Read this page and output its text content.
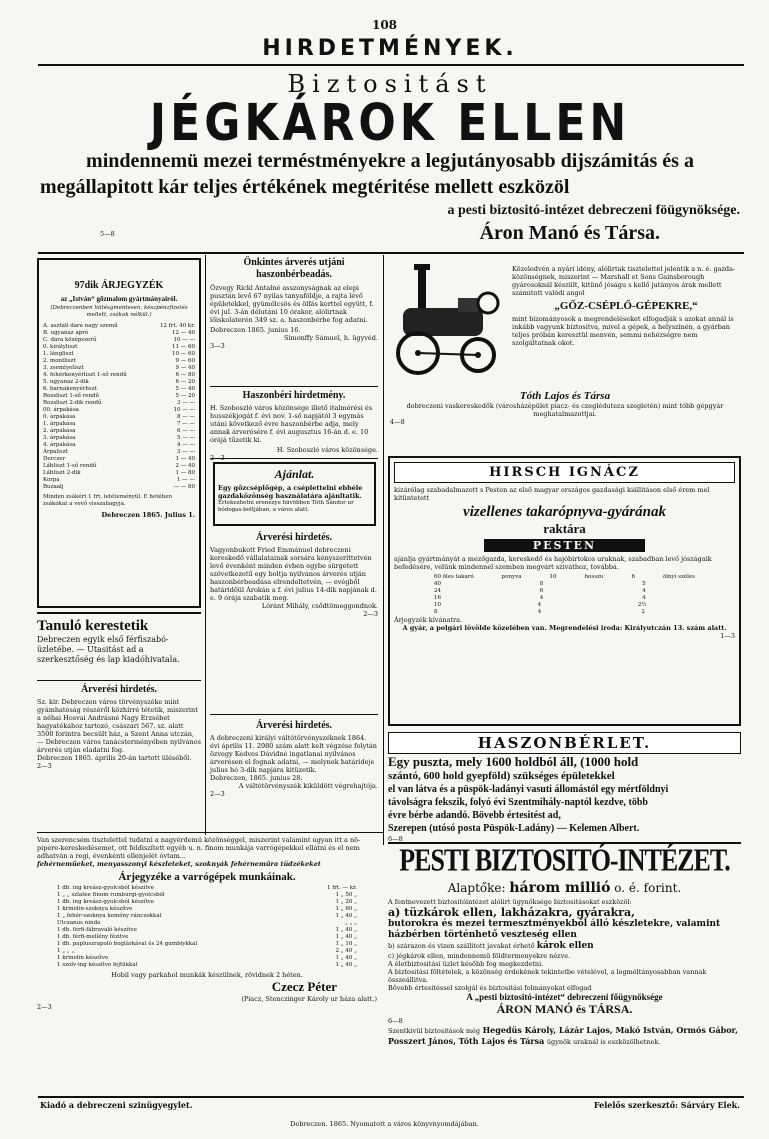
108
HIRDETMÉNYEK.
Biztositást
JÉGKÁROK ELLEN
mindennemü mezei terméstményekre a legjutányosabb dijszámitás és a
megállapitott kár teljes értékének megtéritése mellett eszközöl
a pesti biztositó-intézet debreczeni föügynöksége.
Áron Manó és Társa.
5—8
97dik ÁRJEGYZÉK
az „István“ gőzmalom gyártmányairól.
(Debreczenben hütésgmentesen, készpénzfizetés mellett, zsákok nélkül.)
A. asztali dara nagy szemű	12 frt. 40 kr.
B. ugyanaz apró	12 — 40
C. dara középszerű	10 — —
0. királyliszt	11 — 60
1. lángliszt	10 — 60
2. montliszt	9 — 60
3. zsemlyeliszt	9 — 40
4. fehérkenyérliszt 1-ső rendű	6 — 80
5. ugyanaz 2-dik	6 — 20
6. barnakenyérliszt	5 — 40
Rozsliszt 1-ső rendű	5 — 20
Rozsliszt 2-dik rendű	3 — —
00. árpakása	10 — —
0. árpakása	8 — —
1. árpakása	7 — —
2. árpakása	6 — —
3. árpakása	5 — —
4. árpakása	4 — —
Árpaliszt	3 — —
Derczer	1 — 40
Lábliszt 1-ső rendű	2 — 40
Lábliszt 2-dik	1 — 80
Korpa	1 — —
Buzaalj	— — 80
Minden zsákért 1 frt. letéteményül. E hetében zsákokat a vevő visszahagyja.
Debreczen 1865. Julius 1.
Önkintes árverés utjáni haszonbérbeadás.
Özvegy Rickl Antalné asszonyságnak az elepi pusztán levő 67 nyilas tanyaföldje, a rajta lévő épületekkel, gyümölcsös és ölfás kerttel együtt, f. évi jul. 3-án délutáni 10 órakor, alólirtnak lőiskolaterén 349 sz. a. haszonbérbe fog adatni.
Debreczen 1865. junius 16.
Simonffy Sámuel, h. ügyvéd.
3—3
Haszonbéri hirdetmény.
H. Szoboszló város közönsége illető italmérési és husszékjogát f. évi nov. 1-ső napjától 3 egymás utáni következő évre haszonbérbe adja, mely annak árverésére f. évi augusztus 16-án d. e. 10 órájá tűzetik ki.
H. Szoboszló város közönsége.
2—3
Ajánlat.
Egy gőzcséplőgép, a cséplettelni ebbéle gazdaközönség használatára ajánltatik.
Értekezhetni erenezye hüvöbben Tóth Sándor ur bódogas-boltjában, a város alatt.
Árverési hirdetés.
Vagyonbukott Fried Emmánuel debreczeni kereskedő vállalatainak sorsára kényszeríttetvén levő évenként minden évben egybe sürgetett szövetkezetű egy boltja nyilvános árverés utján haszonbérbeadása elrendeltetvén, — evégből határidőül Árokán a f. évi julius 14-dik napjának d. e. 9 órája szabatik meg.
Lóránt Mihály, csődtömeggondnok.
2—3
Árverési hirdetés.
A debreczeni királyi váltótörvényszéknek 1864. évi április 11. 2980 szám alatt kelt végzése folytán özvegy Kedves Dávidné ingatlanai nyilvános árverésen el fognak adatni, — melynek határideje julius hó 3-dik napjára kitüzetik.
Debreczen, 1865. junius 28.
A váltótörvényszék kiküldött végrehajtója.
2—3
Tanuló kerestetik
Debreczen egyik első férfiszabó-üzletébe. — Utasitást ad a szerkesztőség és lap kiadóhivatala.
Árverési hirdetés.
Sz. kir. Debreczen város törvényszéke mint gyámhatóság részéről közhírré tétetik, miszerint a néhai Hosvai Andrásné Nagy Erzsébet hagyatékához tartozó, császári 567. sz. alatt 3500 forintra becsült ház, a Szent Anna utczán, — Debreczen város tanácsterményében nyilvános árverés utján eladatni fog.
Debreczen 1865. április 20-án tartott üléséből.
2—3
Közeledvén a nyári idény, alólirtak tisztelettel jelentik a n. é. gazda-közönségnek, miszerint — Marshall et Sons Gainsborough gyárosoknál készült, kitünő jóságu s kellő jutányos árak mellett számitott valódi angol
„GŐZ-CSÉPLŐ-GÉPEKRE,“
mint bizományosok a megrendeléseket elfogadják s azokat annál is inkább vagyunk biztositva, mivel a gépek, a helyszinén, a gyárban teljes próbán keresztül menvén, semmi nehézségre nem szolgáltatnak okot.
Tóth Lajos és Társa
debreczeni vaskereskedők (városházépület piacz- és czegléduteza szegletén) mint tóbb gépgyár meghatalmazottjai.
4—8
HIRSCH IGNÁCZ
kizárólag szabadalmazott s Pesten az első magyar országos gazdasági kiállitáson első érem mel kitüntetett
vizellenes takarópnyva-gyárának
raktára
PESTEN
ajánlja gyártmányát a mezőgazda, kereskedő és hajóbirtokos uraknak, szabadban levő jószágaik befedésére, velünk mindennel szemben megvárt sziváthoz, továbbá.
60 öles takaró	ponyva	10	hosszu	6	ölnyi széles
40	8	5
24	6	4
16	4	4
10	4	2½
8	4	2
Árjegyzék kívánatra.
A gyár, a polgári lövölde közelében van. Megrendelési iroda: Királyutczán 13. szám alatt.
1—3
HASZONBÉRLET.
Egy puszta, mely 1600 holdból áll, (1000 hold
szántó, 600 hold gyepföld) szükséges épületekkel
el van látva és a püspök-ladányi vasuti állomástól egy mértföldnyi
távolságra fekszik, folyó évi Szentmihály-naptól kezdve, több
évre bérbe adandó. Bövebb értesitést ad,
Szerepen (utósó posta Püspök-Ladány) — Kelemen Albert.
6—8
PESTI BIZTOSITÓ-INTÉZET.
Alaptőke: három millió o. é. forint.
A fentnevezett biztositóintézet alólirt ügynöksége biztositásokat eszközöl:
a) tüzkárok ellen, lakházakra, gyárakra,
butorokra és mezei termesztményekből álló készletekre, valamint házbérben történhető veszteség ellen
b) szárazon és vizen szállitott javakat érhető károk ellen
c) jégkárok ellen, mindennemü földtermenyekre nézve.
A életbiztositási üzlet később fog megkezdetni.
A biztositási föltételek, a közönség érdekének tekintetbe vételével, a legméltányosabban vannak összeállitva.
Bővebb értesitéssel szolgál és biztositási folmányokat elfogad
A „pesti biztositó-intézet“ debreczeni főügynöksége
ÁRON MANÓ és TÁRSA.
6—8
Szentkivül biztositások még Hegedüs Károly, Lázár Lajos, Makó István, Ormós Gábor, Posszert János, Tóth Lajos és Társa ügynök uraknál is eszközölhetnek.
Van szerencsém tisztelettel tudatni a nagyérdemü közönséggel, miszerint valamint ugyan itt a nö-pipere-kereskedésemet, ott feldiszített egyéb u. n. finom munkája varrógépekkel ellátni és el nem adhatván a regi, évenkénti ellenjelét óvtam...
fehérneműeket, menyasszonyi készleteket, szoknyák fehérneműra tüdzékeket
Árjegyzéke a varrógépek munkáinak.
1 db. ing kreász-gyolcsból készítve	1 frt. — kr.
1 „ „ szlatee finom rumburgi-gyolcsból	1 „ 50 „
1 db. ing kreász-gyolcsból készítve	1 „ 20 „
1 krinolin-szoknya készítve	1 „ 60 „
1 „ fehér-szoknya kemény ránczokkal	1 „ 40 „
Utczanus ninda	„ „ „
1 db. férfi-fábravaló készítve	1 „ 40 „
1 db. férfi-mellény fézitve	1 „ 40 „
1 db. papluszrapoló boglárkával és 24 gumbiykkal	1 „ 10 „
1 „ „ „	2 „ 40 „
1 krinolin készítve	1 „ 40 „
1 szolv-ing készítve fejtükkal	1 „ 40 „
Hobil vagy parkahol munkák készülnek, rövidnek 2 héten.
Czecz Péter
(Piacz, Stenczinger Károly ur háza alatt.)
2—3
Kiadó a debreczeni szinügyegylet.	Felelős szerkesztő: Sárváry Elek.
Debreczen. 1865. Nyomatott a város könyvnyomdájában.
